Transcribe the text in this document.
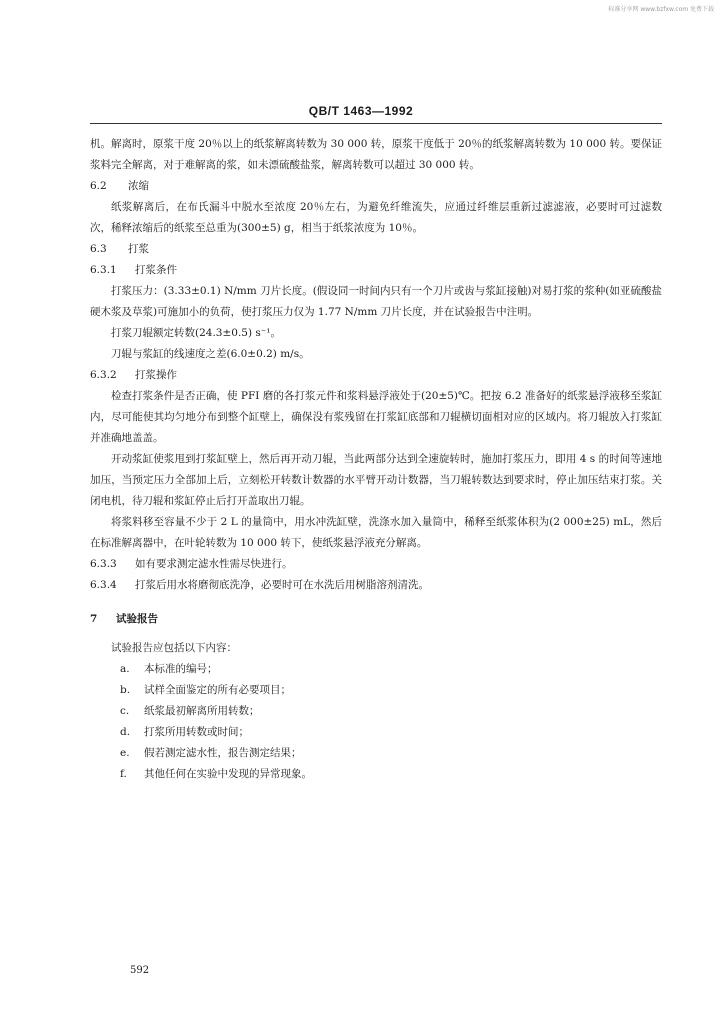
标准分享网 www.bzfxw.com 免费下载
QB/T 1463—1992

机。解离时，原浆干度 20％以上的纸浆解离转数为 30 000 转，原浆干度低于 20％的纸浆解离转数为 10 000 转。要保证浆料完全解离，对于难解离的浆，如未漂硫酸盐浆，解离转数可以超过 30 000 转。

6.2 浓缩

纸浆解离后，在布氏漏斗中脱水至浓度 20％左右，为避免纤维流失，应通过纤维层重新过滤滤液，必要时可过滤数次，稀释浓缩后的纸浆至总重为(300±5) g，相当于纸浆浓度为 10％。

6.3 打浆

6.3.1 打浆条件

打浆压力：(3.33±0.1) N/mm 刀片长度。(假设同一时间内只有一个刀片或齿与浆缸接触)对易打浆的浆种(如亚硫酸盐硬木浆及草浆)可施加小的负荷，使打浆压力仅为 1.77 N/mm 刀片长度，并在试验报告中注明。

打浆刀辊额定转数(24.3±0.5) s⁻¹。

刀辊与浆缸的线速度之差(6.0±0.2) m/s。

6.3.2 打浆操作

检查打浆条件是否正确，使 PFI 磨的各打浆元件和浆料悬浮液处于(20±5)℃。把按 6.2 准备好的纸浆悬浮液移至浆缸内，尽可能使其均匀地分布到整个缸壁上，确保没有浆残留在打浆缸底部和刀辊横切面相对应的区域内。将刀辊放入打浆缸并准确地盖盖。

开动浆缸使浆甩到打浆缸壁上，然后再开动刀辊，当此两部分达到全速旋转时，施加打浆压力，即用 4 s 的时间等速地加压，当预定压力全部加上后，立刻松开转数计数器的水平臂开动计数器，当刀辊转数达到要求时，停止加压结束打浆。关闭电机，待刀辊和浆缸停止后打开盖取出刀辊。

将浆料移至容量不少于 2 L 的量筒中，用水冲洗缸壁，洗涤水加入量筒中，稀释至纸浆体积为(2 000±25) mL，然后在标准解离器中，在叶轮转数为 10 000 转下，使纸浆悬浮液充分解离。

6.3.3 如有要求测定滤水性需尽快进行。

6.3.4 打浆后用水将磨彻底洗净，必要时可在水洗后用树脂溶剂清洗。

7 试验报告

试验报告应包括以下内容：

a. 本标准的编号；
b. 试样全面鉴定的所有必要项目；
c. 纸浆最初解离所用转数；
d. 打浆所用转数或时间；
e. 假若测定滤水性，报告测定结果；
f. 其他任何在实验中发现的异常现象。
592
